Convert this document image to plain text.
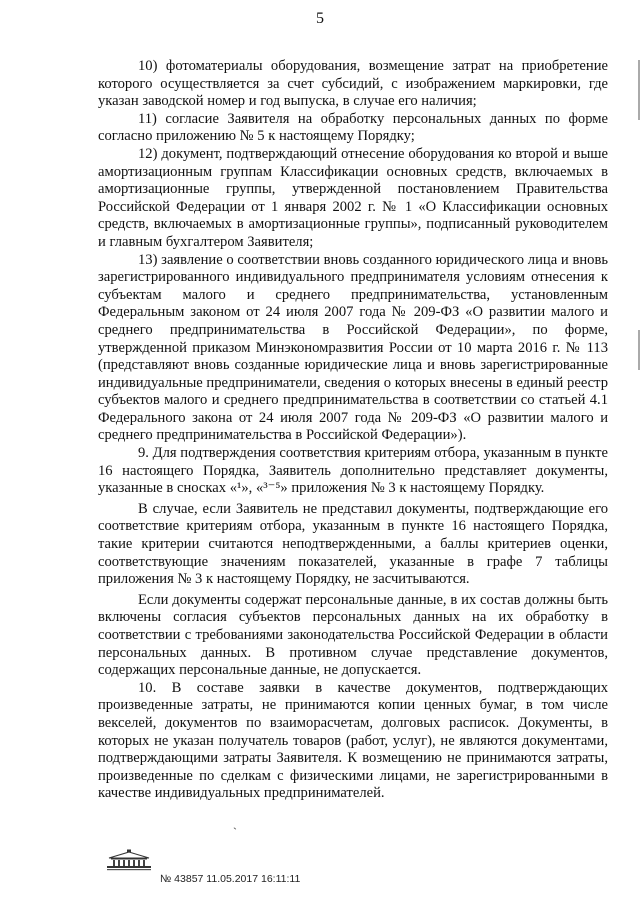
5

10) фотоматериалы оборудования, возмещение затрат на приобретение которого осуществляется за счет субсидий, с изображением маркировки, где указан заводской номер и год выпуска, в случае его наличия;

11) согласие Заявителя на обработку персональных данных по форме согласно приложению № 5 к настоящему Порядку;

12) документ, подтверждающий отнесение оборудования ко второй и выше амортизационным группам Классификации основных средств, включаемых в амортизационные группы, утвержденной постановлением Правительства Российской Федерации от 1 января 2002 г. № 1 «О Классификации основных средств, включаемых в амортизационные группы», подписанный руководителем и главным бухгалтером Заявителя;

13) заявление о соответствии вновь созданного юридического лица и вновь зарегистрированного индивидуального предпринимателя условиям отнесения к субъектам малого и среднего предпринимательства, установленным Федеральным законом от 24 июля 2007 года № 209-ФЗ «О развитии малого и среднего предпринимательства в Российской Федерации», по форме, утвержденной приказом Минэкономразвития России от 10 марта 2016 г. № 113 (представляют вновь созданные юридические лица и вновь зарегистрированные индивидуальные предприниматели, сведения о которых внесены в единый реестр субъектов малого и среднего предпринимательства в соответствии со статьей 4.1 Федерального закона от 24 июля 2007 года № 209-ФЗ «О развитии малого и среднего предпринимательства в Российской Федерации»).

9. Для подтверждения соответствия критериям отбора, указанным в пункте 16 настоящего Порядка, Заявитель дополнительно представляет документы, указанные в сносках «¹», «³⁻⁵» приложения № 3 к настоящему Порядку.

В случае, если Заявитель не представил документы, подтверждающие его соответствие критериям отбора, указанным в пункте 16 настоящего Порядка, такие критерии считаются неподтвержденными, а баллы критериев оценки, соответствующие значениям показателей, указанные в графе 7 таблицы приложения № 3 к настоящему Порядку, не засчитываются.

Если документы содержат персональные данные, в их состав должны быть включены согласия субъектов персональных данных на их обработку в соответствии с требованиями законодательства Российской Федерации в области персональных данных. В противном случае представление документов, содержащих персональные данные, не допускается.

10. В составе заявки в качестве документов, подтверждающих произведенные затраты, не принимаются копии ценных бумаг, в том числе векселей, документов по взаиморасчетам, долговых расписок. Документы, в которых не указан получатель товаров (работ, услуг), не являются документами, подтверждающими затраты Заявителя. К возмещению не принимаются затраты, произведенные по сделкам с физическими лицами, не зарегистрированными в качестве индивидуальных предпринимателей.

ˋ
№ 43857 11.05.2017 16:11:11
